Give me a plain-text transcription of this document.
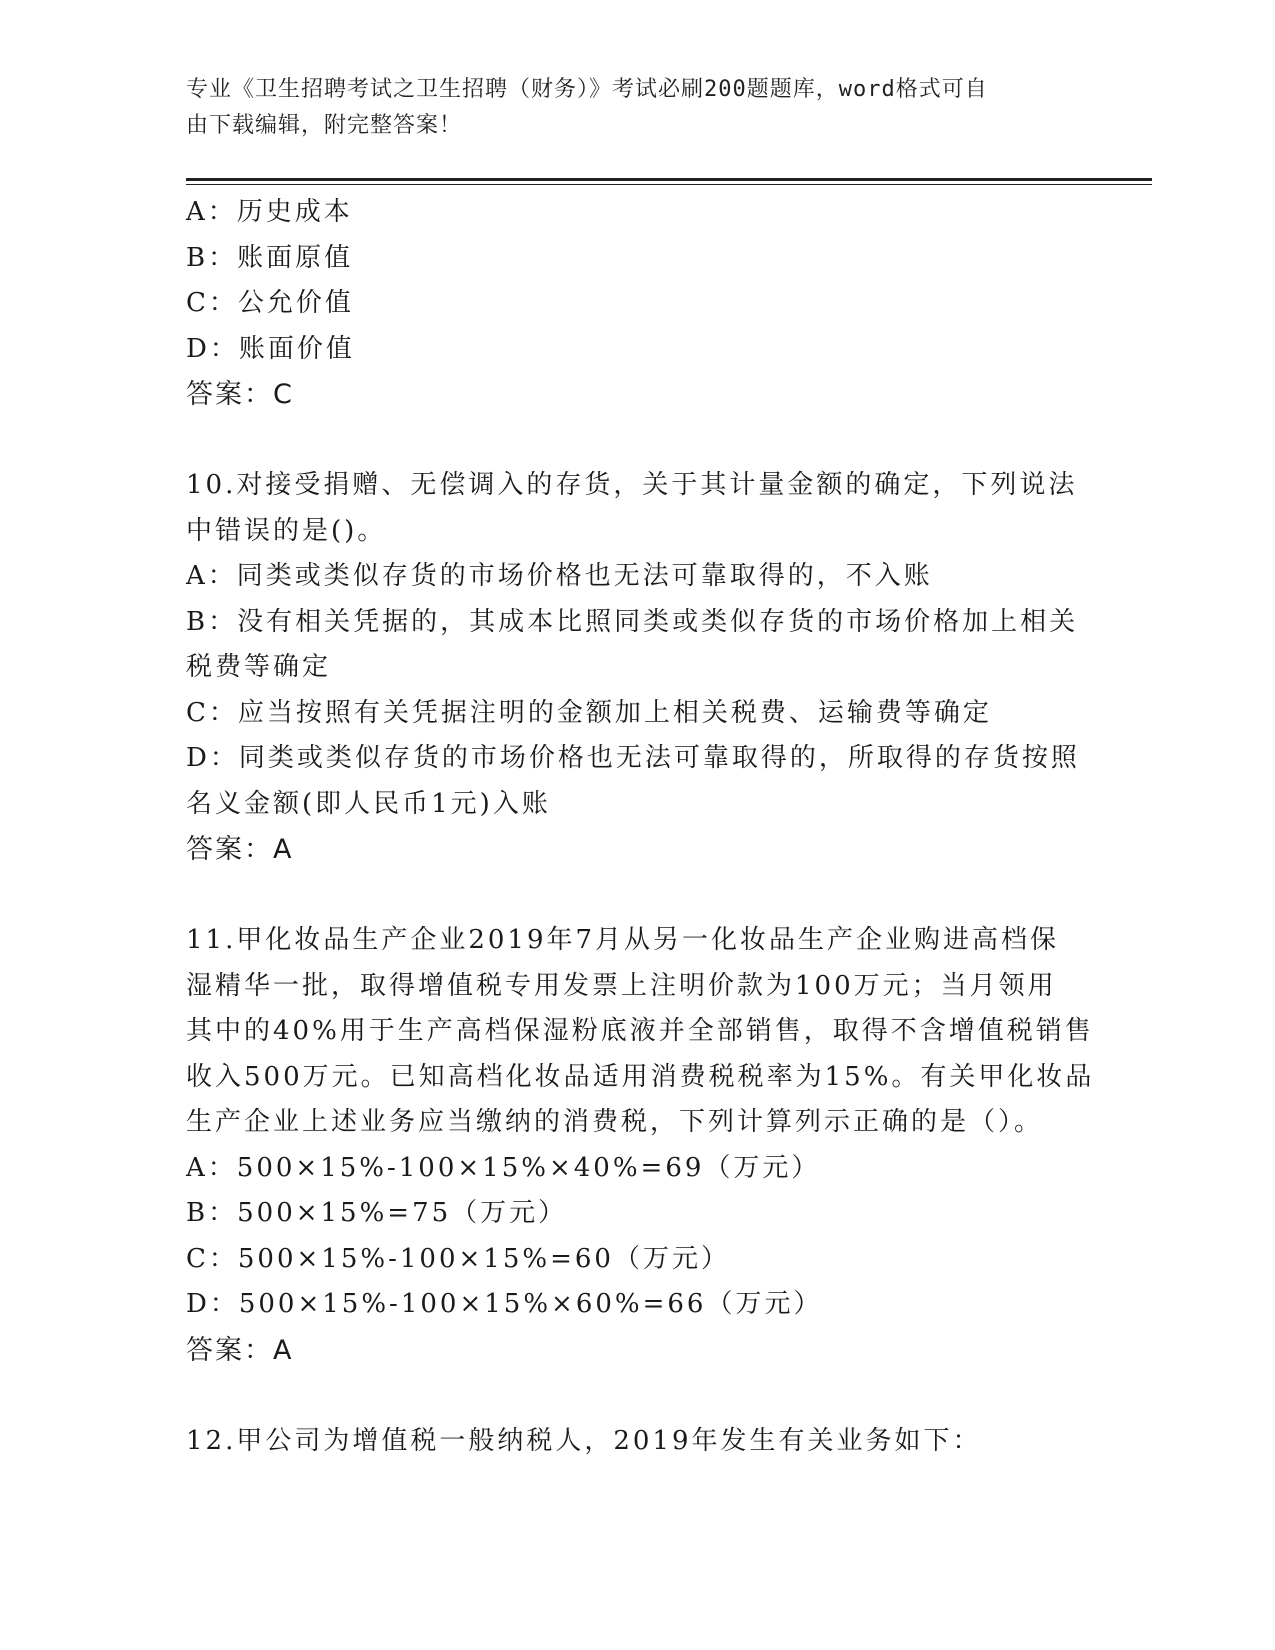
专业《卫生招聘考试之卫生招聘（财务）》考试必刷200题题库，word格式可自
由下载编辑，附完整答案！

A：历史成本

B：账面原值

C：公允价值

D：账面价值

答案：C

10.对接受捐赠、无偿调入的存货，关于其计量金额的确定，下列说法

中错误的是()。

A：同类或类似存货的市场价格也无法可靠取得的，不入账

B：没有相关凭据的，其成本比照同类或类似存货的市场价格加上相关

税费等确定

C：应当按照有关凭据注明的金额加上相关税费、运输费等确定

D：同类或类似存货的市场价格也无法可靠取得的，所取得的存货按照

名义金额(即人民币1元)入账

答案：A

11.甲化妆品生产企业2019年7月从另一化妆品生产企业购进高档保

湿精华一批，取得增值税专用发票上注明价款为100万元；当月领用

其中的40%用于生产高档保湿粉底液并全部销售，取得不含增值税销售

收入500万元。已知高档化妆品适用消费税税率为15%。有关甲化妆品

生产企业上述业务应当缴纳的消费税，下列计算列示正确的是（）。

A：500×15%-100×15%×40%=69（万元）

B：500×15%=75（万元）

C：500×15%-100×15%=60（万元）

D：500×15%-100×15%×60%=66（万元）

答案：A

12.甲公司为增值税一般纳税人，2019年发生有关业务如下：
